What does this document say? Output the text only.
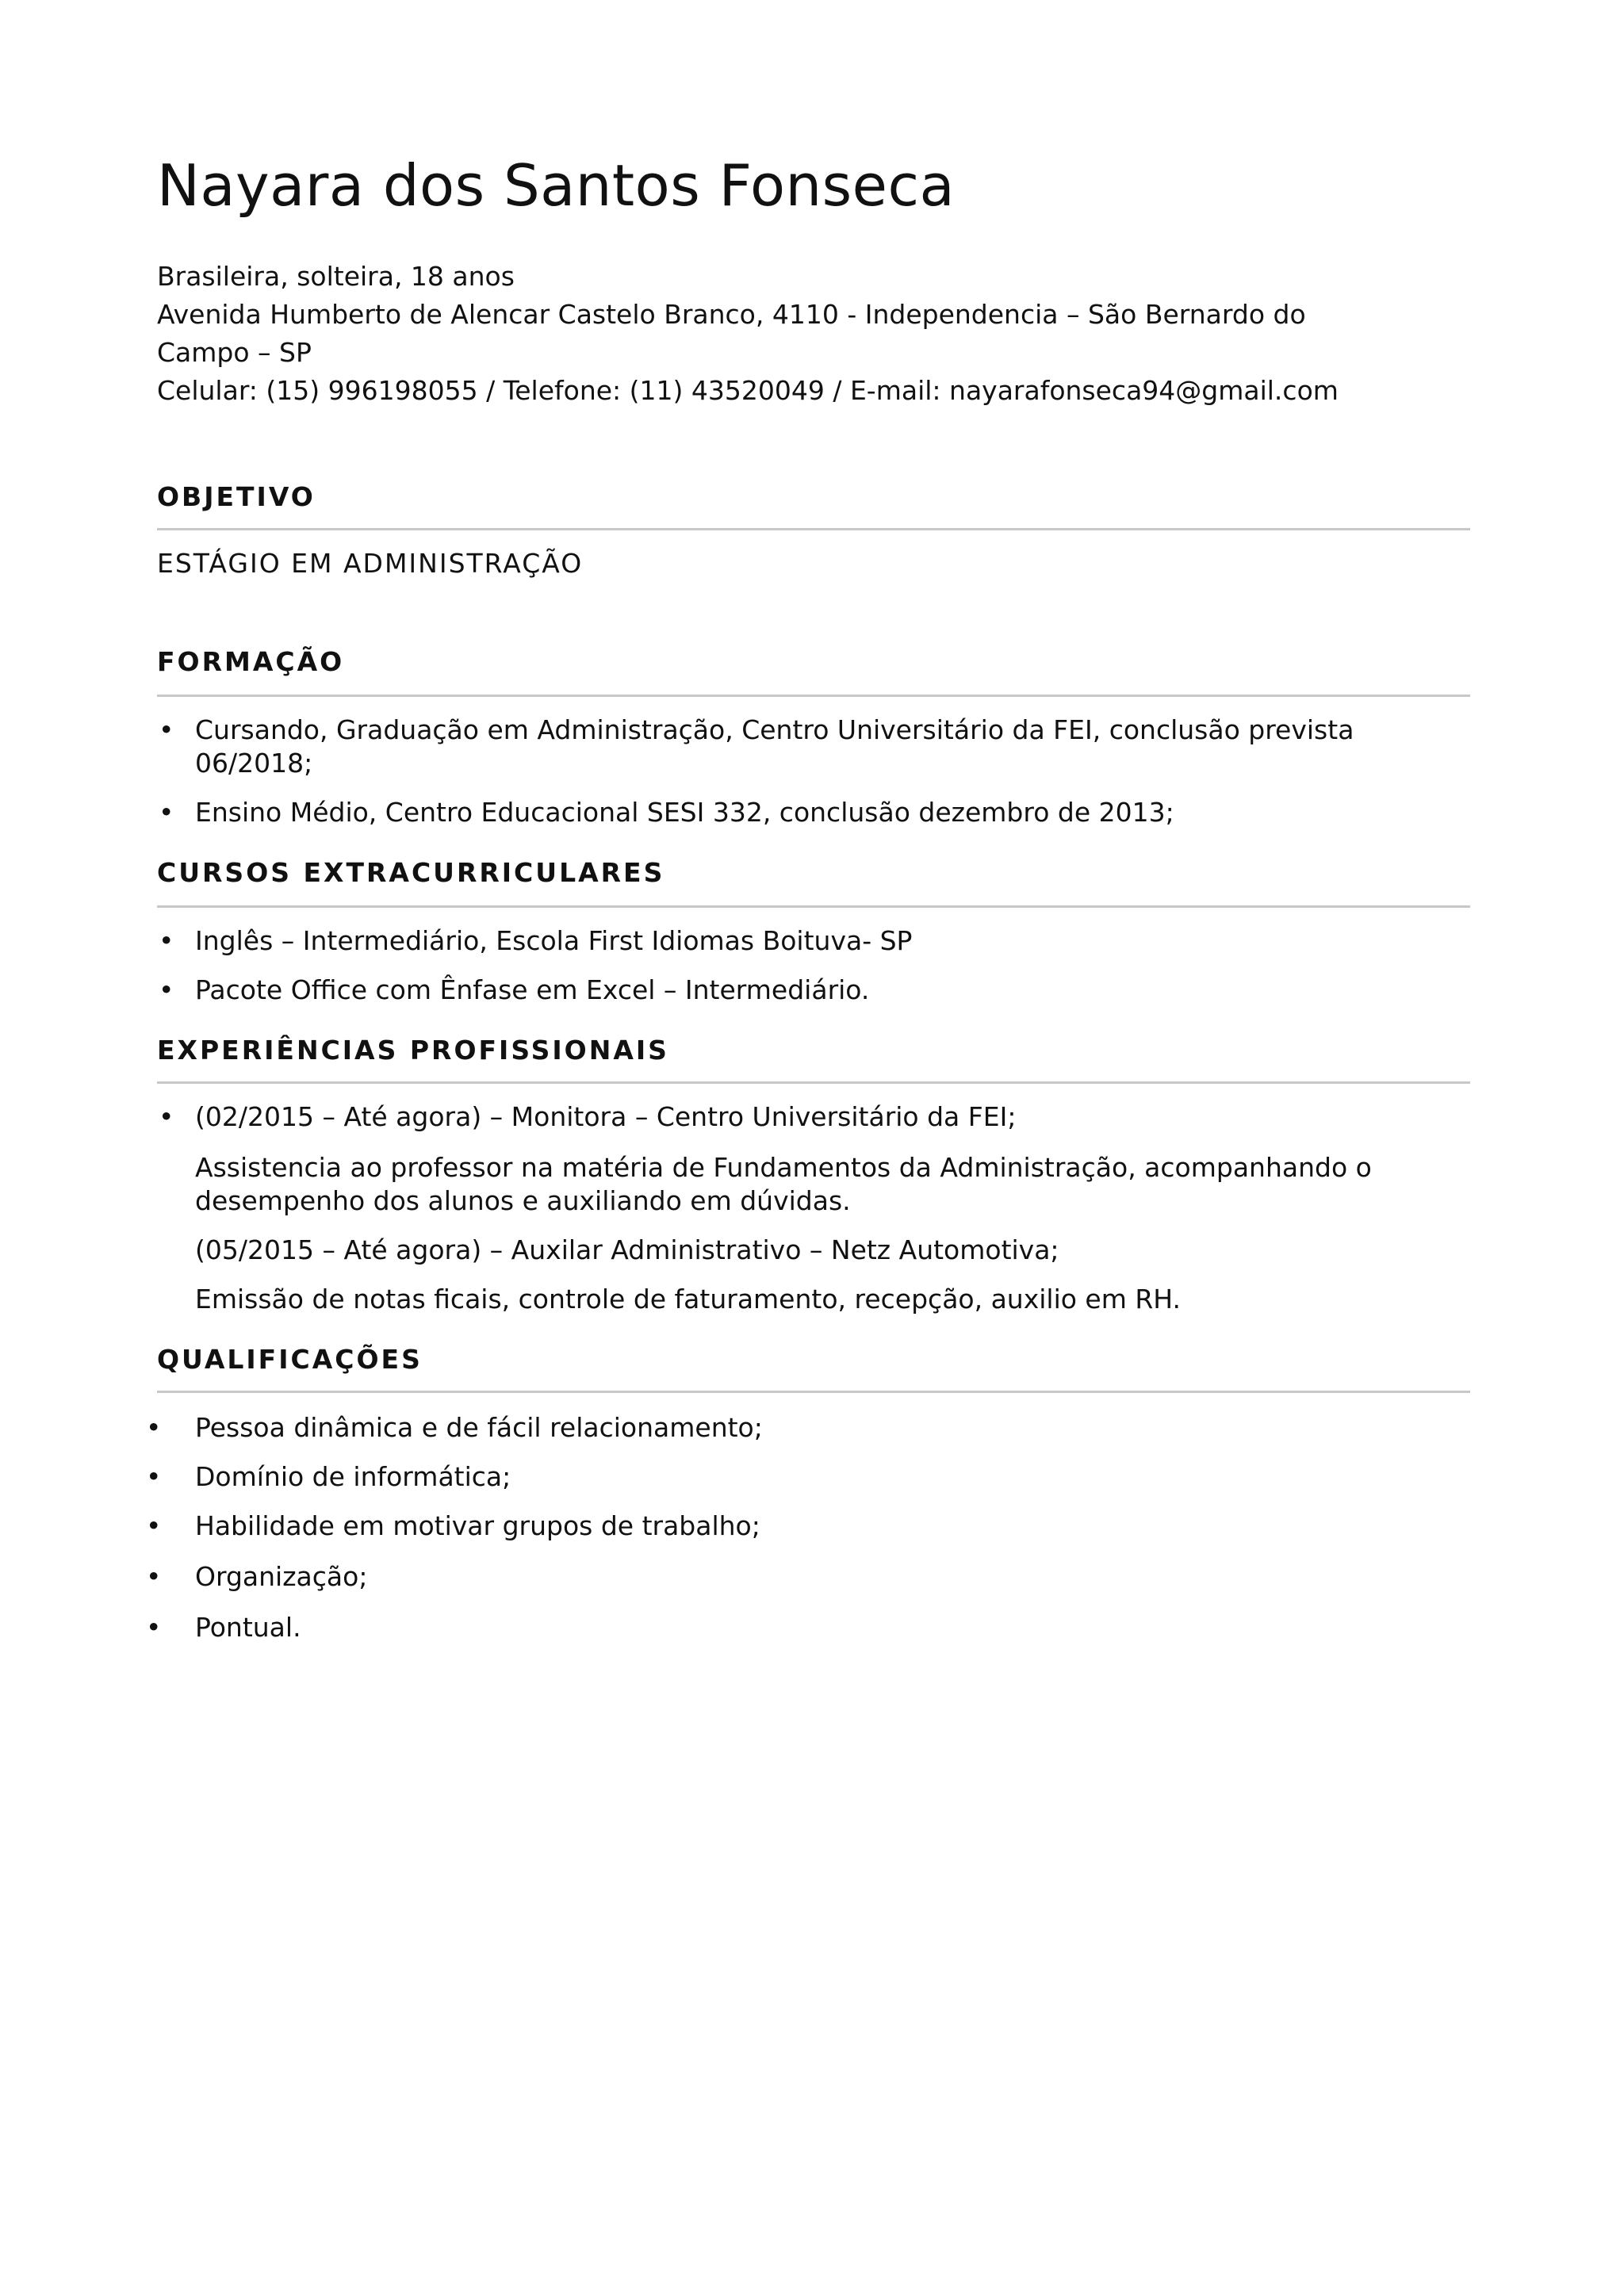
Nayara dos Santos Fonseca

Brasileira, solteira, 18 anos

Avenida Humberto de Alencar Castelo Branco, 4110 - Independencia – São Bernardo do

Campo – SP

Celular: (15) 996198055 / Telefone: (11) 43520049 / E-mail: nayarafonseca94@gmail.com

OBJETIVO

ESTÁGIO EM ADMINISTRAÇÃO

FORMAÇÃO
• Cursando, Graduação em Administração, Centro Universitário da FEI, conclusão prevista

06/2018;

• Ensino Médio, Centro Educacional SESI 332, conclusão dezembro de 2013;

CURSOS EXTRACURRICULARES
• Inglês – Intermediário, Escola First Idiomas Boituva- SP

• Pacote Office com Ênfase em Excel – Intermediário.

EXPERIÊNCIAS PROFISSIONAIS
• (02/2015 – Até agora) – Monitora – Centro Universitário da FEI;

Assistencia ao professor na matéria de Fundamentos da Administração, acompanhando o

desempenho dos alunos e auxiliando em dúvidas.

(05/2015 – Até agora) – Auxilar Administrativo – Netz Automotiva;

Emissão de notas ficais, controle de faturamento, recepção, auxilio em RH.

QUALIFICAÇÕES
• Pessoa dinâmica e de fácil relacionamento;

• Domínio de informática;

• Habilidade em motivar grupos de trabalho;

• Organização;

• Pontual.
